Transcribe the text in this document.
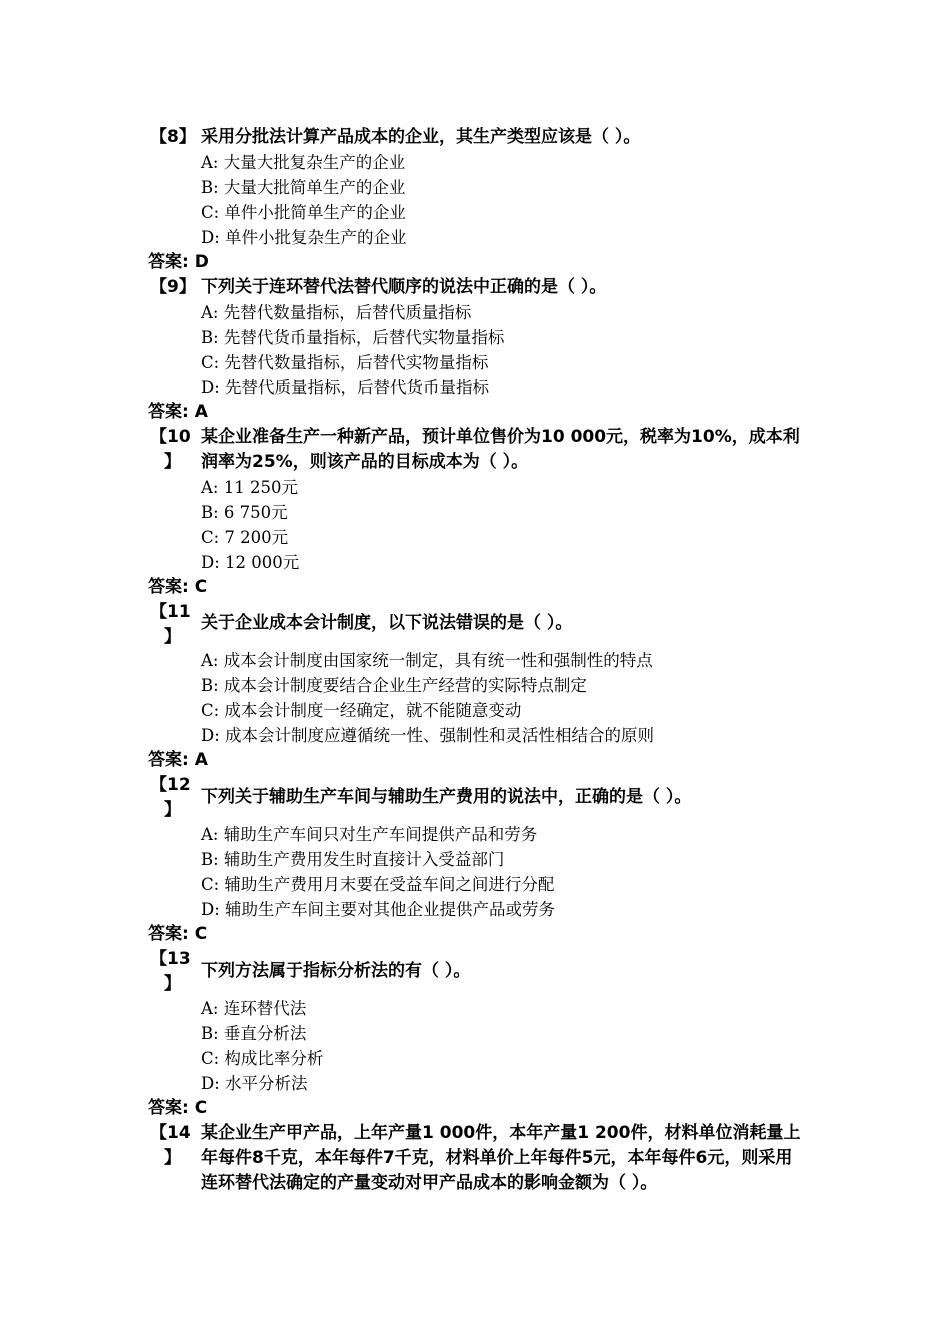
【8】 采用分批法计算产品成本的企业，其生产类型应该是（ ）。
A: 大量大批复杂生产的企业
B: 大量大批简单生产的企业
C: 单件小批简单生产的企业
D: 单件小批复杂生产的企业
答案: D
【9】 下列关于连环替代法替代顺序的说法中正确的是（ ）。
A: 先替代数量指标，后替代质量指标
B: 先替代货币量指标，后替代实物量指标
C: 先替代数量指标，后替代实物量指标
D: 先替代质量指标，后替代货币量指标
答案: A
【10
】
某企业准备生产一种新产品，预计单位售价为10 000元，税率为10%，成本利润率为25%，则该产品的目标成本为（ ）。
A: 11 250元
B: 6 750元
C: 7 200元
D: 12 000元
答案: C
【11
】
关于企业成本会计制度，以下说法错误的是（ ）。
A: 成本会计制度由国家统一制定，具有统一性和强制性的特点
B: 成本会计制度要结合企业生产经营的实际特点制定
C: 成本会计制度一经确定，就不能随意变动
D: 成本会计制度应遵循统一性、强制性和灵活性相结合的原则
答案: A
【12
】
下列关于辅助生产车间与辅助生产费用的说法中，正确的是（ ）。
A: 辅助生产车间只对生产车间提供产品和劳务
B: 辅助生产费用发生时直接计入受益部门
C: 辅助生产费用月末要在受益车间之间进行分配
D: 辅助生产车间主要对其他企业提供产品或劳务
答案: C
【13
】
下列方法属于指标分析法的有（ ）。
A: 连环替代法
B: 垂直分析法
C: 构成比率分析
D: 水平分析法
答案: C
【14
】
某企业生产甲产品，上年产量1 000件，本年产量1 200件，材料单位消耗量上年每件8千克，本年每件7千克，材料单价上年每件5元，本年每件6元，则采用连环替代法确定的产量变动对甲产品成本的影响金额为（ ）。
